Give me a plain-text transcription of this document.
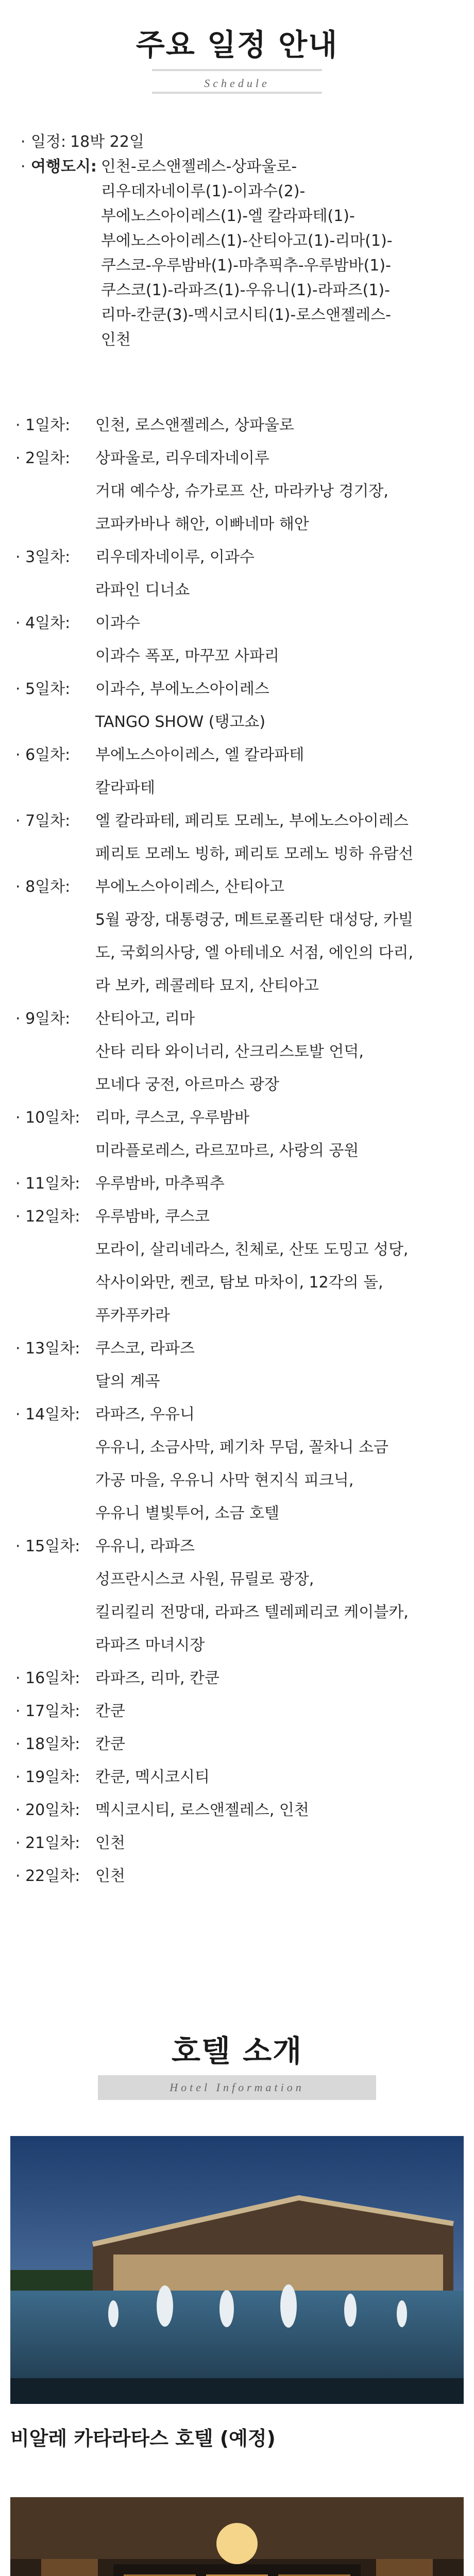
주요 일정 안내
Schedule
· 일정: 18박 22일
· 여행도시: 인천-로스앤젤레스-상파울로-
리우데자네이루(1)-이과수(2)-
부에노스아이레스(1)-엘 칼라파테(1)-
부에노스아이레스(1)-산티아고(1)-리마(1)-
쿠스코-우루밤바(1)-마추픽추-우루밤바(1)-
쿠스코(1)-라파즈(1)-우유니(1)-라파즈(1)-
리마-칸쿤(3)-멕시코시티(1)-로스앤젤레스-
인천
· 1일차:	인천, 로스앤젤레스, 상파울로
· 2일차:	상파울로, 리우데자네이루
거대 예수상, 슈가로프 산, 마라카낭 경기장,
코파카바나 해안, 이빠네마 해안
· 3일차:	리우데자네이루, 이과수
라파인 디너쇼
· 4일차:	이과수
이과수 폭포, 마꾸꼬 사파리
· 5일차:	이과수, 부에노스아이레스
TANGO SHOW (탱고쇼)
· 6일차:	부에노스아이레스, 엘 칼라파테
칼라파테
· 7일차:	엘 칼라파테, 페리토 모레노, 부에노스아이레스
페리토 모레노 빙하, 페리토 모레노 빙하 유람선
· 8일차:	부에노스아이레스, 산티아고
5월 광장, 대통령궁, 메트로폴리탄 대성당, 카빌
도, 국회의사당, 엘 아테네오 서점, 에인의 다리,
라 보카, 레콜레타 묘지, 산티아고
· 9일차:	산티아고, 리마
산타 리타 와이너리, 산크리스토발 언덕,
모네다 궁전, 아르마스 광장
· 10일차: 리마, 쿠스코, 우루밤바
미라플로레스, 라르꼬마르, 사랑의 공원
· 11일차: 우루밤바, 마추픽추
· 12일차: 우루밤바, 쿠스코
모라이, 살리네라스, 친체로, 산또 도밍고 성당,
삭사이와만, 켄코, 탐보 마차이, 12각의 돌,
푸카푸카라
· 13일차: 쿠스코, 라파즈
달의 계곡
· 14일차: 라파즈, 우유니
우유니, 소금사막, 페기차 무덤, 꼴차니 소금
가공 마을, 우유니 사막 현지식 피크닉,
우유니 별빛투어, 소금 호텔
· 15일차: 우유니, 라파즈
성프란시스코 사원, 뮤릴로 광장,
킬리킬리 전망대, 라파즈 텔레페리코 케이블카,
라파즈 마녀시장
· 16일차: 라파즈, 리마, 칸쿤
· 17일차: 칸쿤
· 18일차: 칸쿤
· 19일차: 칸쿤, 멕시코시티
· 20일차: 멕시코시티, 로스앤젤레스, 인천
· 21일차: 인천
· 22일차: 인천
호텔 소개
Hotel Information
비알레 카타라타스 호텔 (예정)
